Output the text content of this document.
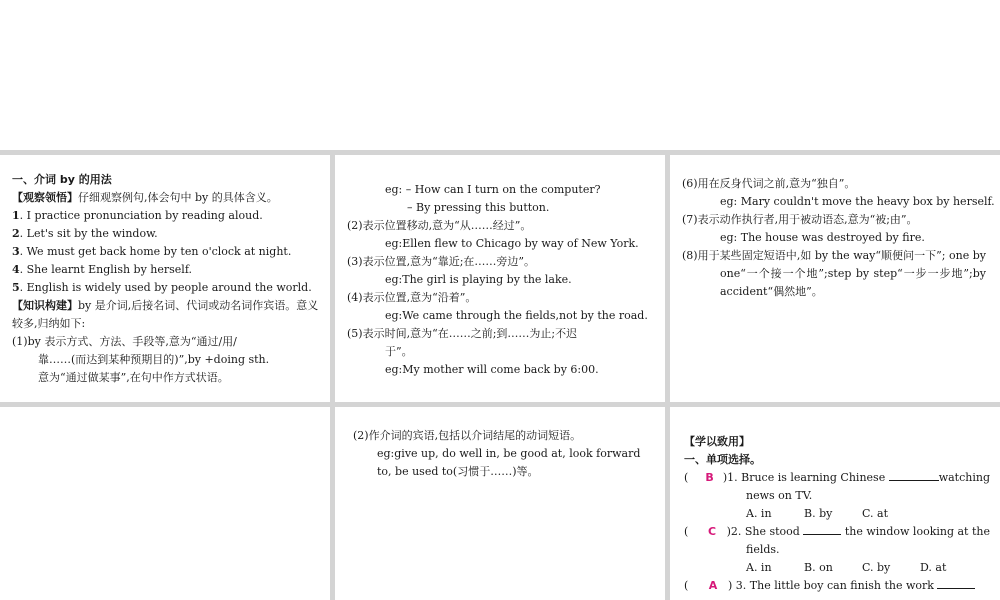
一、介词 by 的用法
【观察领悟】仔细观察例句,体会句中 by 的具体含义。
1. I practice pronunciation by reading aloud.
2. Let's sit by the window.
3. We must get back home by ten o'clock at night.
4. She learnt English by herself.
5. English is widely used by people around the world.
【知识构建】by 是介词,后接名词、代词或动名词作宾语。意义较多,归纳如下:
(1)by 表示方式、方法、手段等,意为“通过/用/
靠……(而达到某种预期目的)”,by +doing sth.
意为“通过做某事”,在句中作方式状语。
eg: – How can I turn on the computer?
– By pressing this button.
(2)表示位置移动,意为“从……经过”。
eg:Ellen flew to Chicago by way of New York.
(3)表示位置,意为“靠近;在……旁边”。
eg:The girl is playing by the lake.
(4)表示位置,意为“沿着”。
eg:We came through the fields,not by the road.
(5)表示时间,意为“在……之前;到……为止;不迟
于”。
eg:My mother will come back by 6:00.
(6)用在反身代词之前,意为“独自”。
eg: Mary couldn't move the heavy box by herself.
(7)表示动作执行者,用于被动语态,意为“被;由”。
eg: The house was destroyed by fire.
(8)用于某些固定短语中,如 by the way“顺便问一下”; one by one“一个接一个地”;step by step“一步一步地”;by accident“偶然地”。
(2)作介词的宾语,包括以介词结尾的动词短语。
eg:give up, do well in, be good at, look forward
to, be used to(习惯于……)等。
【学以致用】
一、单项选择。
(	B )1. Bruce is learning Chinese	watching
news on TV.
A. in	B. by	C. at
(	C )2. She stood	the window looking at the
fields.
A. in	B. on	C. by	D. at
(	A ) 3. The little boy can finish the work
